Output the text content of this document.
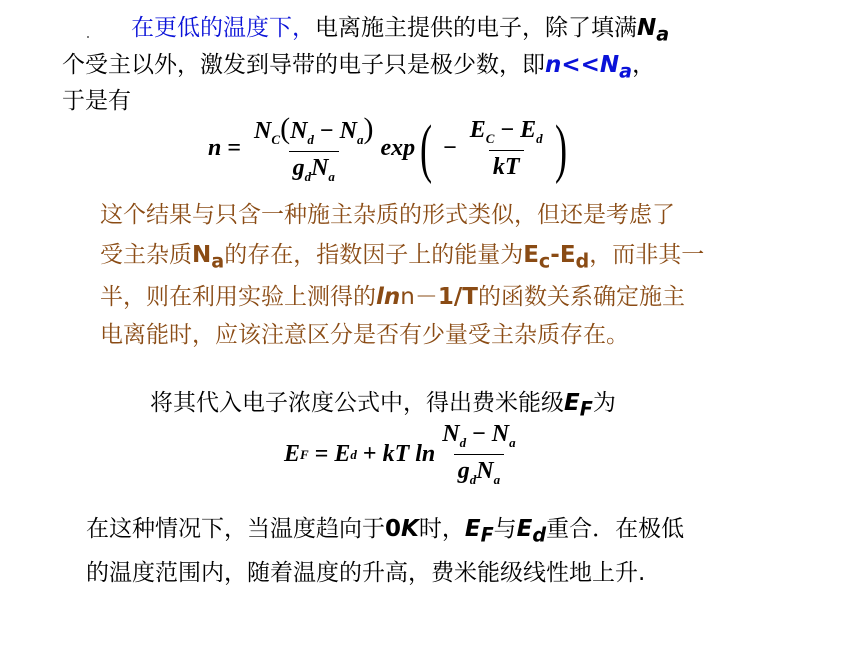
在更低的温度下，电离施主提供的电子，除了填满$N_a$
个受主以外，激发到导带的电子只是极少数，即$n<<N_a$，
于是有
$n = \frac{N_C(N_d - N_a)}{g_dN_a}$ exp ( − $\frac{E_C - E_d}{kT}$ )
这个结果与只含一种施主杂质的形式类似，但还是考虑了
受主杂质$N_a$的存在，指数因子上的能量为$E_c-E_d$，而非其一
半，则在利用实验上测得的lnn－1/T的函数关系确定施主
电离能时，应该注意区分是否有少量受主杂质存在。
将其代入电子浓度公式中，得出费米能级$E_F$为
E F = E d + kT
$\ln \frac{N_d - N_a}{g_dN_a}$
在这种情况下，当温度趋向于0K时，$E_F$与$E_d$重合．在极低
的温度范围内，随着温度的升高，费米能级线性地上升.
